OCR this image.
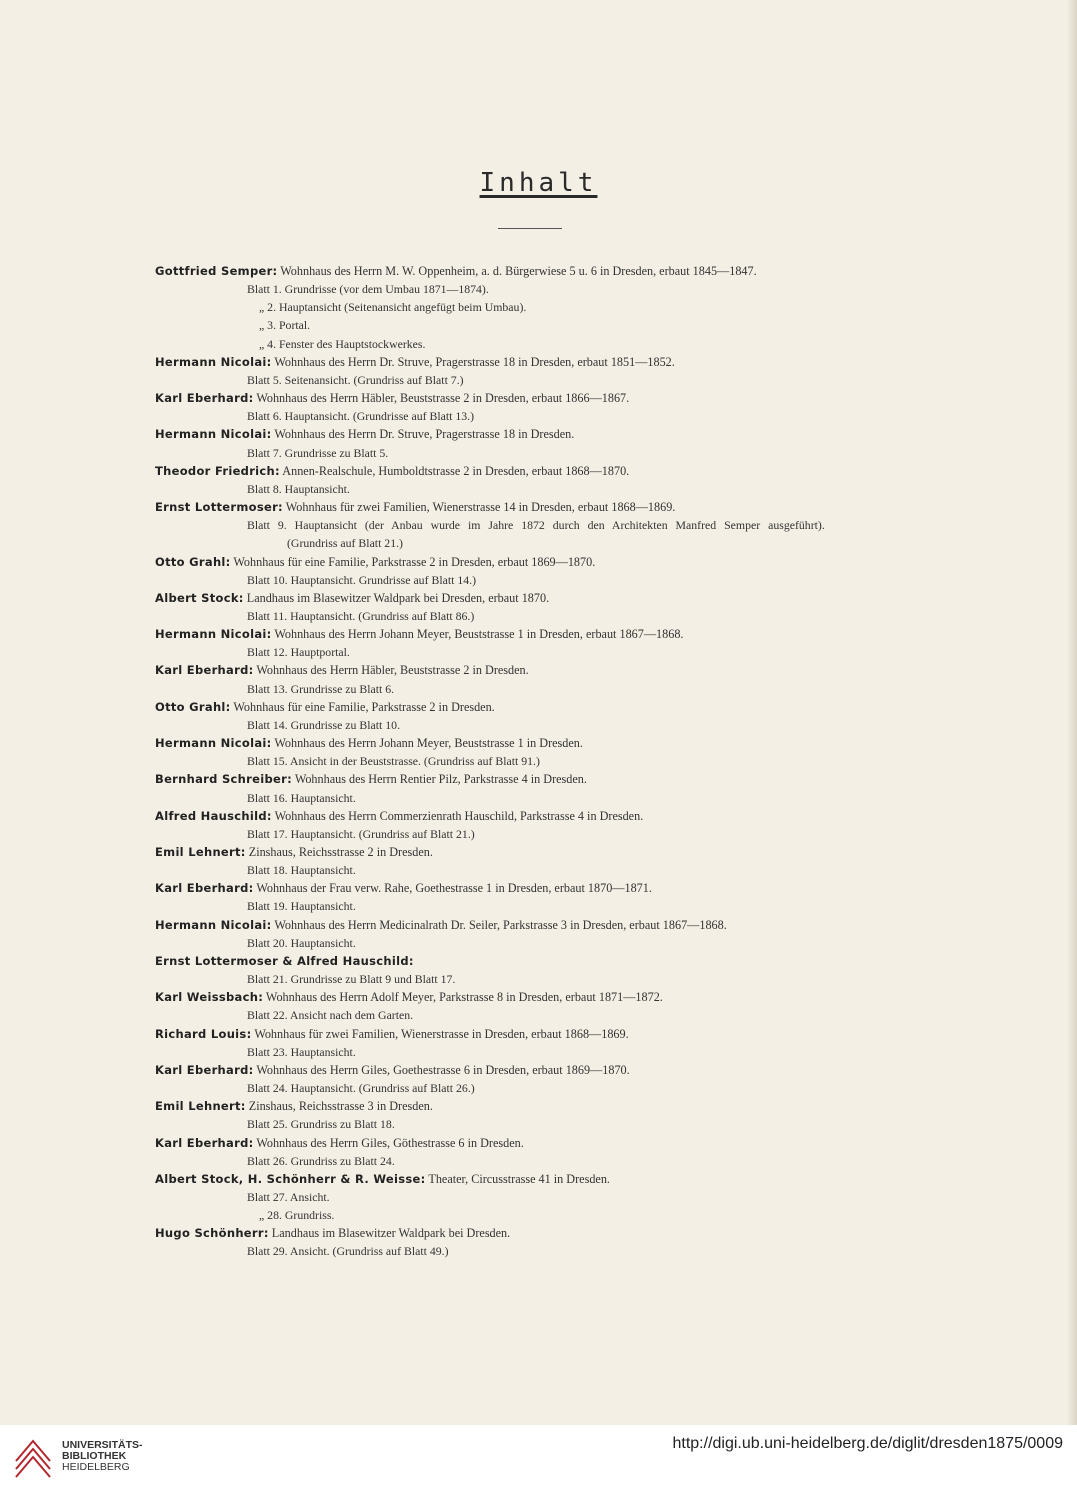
Inhalt
Gottfried Semper: Wohnhaus des Herrn M. W. Oppenheim, a. d. Bürgerwiese 5 u. 6 in Dresden, erbaut 1845—1847.
Blatt 1. Grundrisse (vor dem Umbau 1871—1874).
„ 2. Hauptansicht (Seitenansicht angefügt beim Umbau).
„ 3. Portal.
„ 4. Fenster des Hauptstockwerkes.
Hermann Nicolai: Wohnhaus des Herrn Dr. Struve, Pragerstrasse 18 in Dresden, erbaut 1851—1852.
Blatt 5. Seitenansicht. (Grundriss auf Blatt 7.)
Karl Eberhard: Wohnhaus des Herrn Häbler, Beuststrasse 2 in Dresden, erbaut 1866—1867.
Blatt 6. Hauptansicht. (Grundrisse auf Blatt 13.)
Hermann Nicolai: Wohnhaus des Herrn Dr. Struve, Pragerstrasse 18 in Dresden.
Blatt 7. Grundrisse zu Blatt 5.
Theodor Friedrich: Annen-Realschule, Humboldtstrasse 2 in Dresden, erbaut 1868—1870.
Blatt 8. Hauptansicht.
Ernst Lottermoser: Wohnhaus für zwei Familien, Wienerstrasse 14 in Dresden, erbaut 1868—1869.
Blatt 9. Hauptansicht (der Anbau wurde im Jahre 1872 durch den Architekten Manfred Semper ausgeführt).
(Grundriss auf Blatt 21.)
Otto Grahl: Wohnhaus für eine Familie, Parkstrasse 2 in Dresden, erbaut 1869—1870.
Blatt 10. Hauptansicht. Grundrisse auf Blatt 14.)
Albert Stock: Landhaus im Blasewitzer Waldpark bei Dresden, erbaut 1870.
Blatt 11. Hauptansicht. (Grundriss auf Blatt 86.)
Hermann Nicolai: Wohnhaus des Herrn Johann Meyer, Beuststrasse 1 in Dresden, erbaut 1867—1868.
Blatt 12. Hauptportal.
Karl Eberhard: Wohnhaus des Herrn Häbler, Beuststrasse 2 in Dresden.
Blatt 13. Grundrisse zu Blatt 6.
Otto Grahl: Wohnhaus für eine Familie, Parkstrasse 2 in Dresden.
Blatt 14. Grundrisse zu Blatt 10.
Hermann Nicolai: Wohnhaus des Herrn Johann Meyer, Beuststrasse 1 in Dresden.
Blatt 15. Ansicht in der Beuststrasse. (Grundriss auf Blatt 91.)
Bernhard Schreiber: Wohnhaus des Herrn Rentier Pilz, Parkstrasse 4 in Dresden.
Blatt 16. Hauptansicht.
Alfred Hauschild: Wohnhaus des Herrn Commerzienrath Hauschild, Parkstrasse 4 in Dresden.
Blatt 17. Hauptansicht. (Grundriss auf Blatt 21.)
Emil Lehnert: Zinshaus, Reichsstrasse 2 in Dresden.
Blatt 18. Hauptansicht.
Karl Eberhard: Wohnhaus der Frau verw. Rahe, Goethestrasse 1 in Dresden, erbaut 1870—1871.
Blatt 19. Hauptansicht.
Hermann Nicolai: Wohnhaus des Herrn Medicinalrath Dr. Seiler, Parkstrasse 3 in Dresden, erbaut 1867—1868.
Blatt 20. Hauptansicht.
Ernst Lottermoser & Alfred Hauschild:
Blatt 21. Grundrisse zu Blatt 9 und Blatt 17.
Karl Weissbach: Wohnhaus des Herrn Adolf Meyer, Parkstrasse 8 in Dresden, erbaut 1871—1872.
Blatt 22. Ansicht nach dem Garten.
Richard Louis: Wohnhaus für zwei Familien, Wienerstrasse in Dresden, erbaut 1868—1869.
Blatt 23. Hauptansicht.
Karl Eberhard: Wohnhaus des Herrn Giles, Goethestrasse 6 in Dresden, erbaut 1869—1870.
Blatt 24. Hauptansicht. (Grundriss auf Blatt 26.)
Emil Lehnert: Zinshaus, Reichsstrasse 3 in Dresden.
Blatt 25. Grundriss zu Blatt 18.
Karl Eberhard: Wohnhaus des Herrn Giles, Göthestrasse 6 in Dresden.
Blatt 26. Grundriss zu Blatt 24.
Albert Stock, H. Schönherr & R. Weisse: Theater, Circusstrasse 41 in Dresden.
Blatt 27. Ansicht.
„ 28. Grundriss.
Hugo Schönherr: Landhaus im Blasewitzer Waldpark bei Dresden.
Blatt 29. Ansicht. (Grundriss auf Blatt 49.)
UNIVERSITÄTS-
BIBLIOTHEK
HEIDELBERG
http://digi.ub.uni-heidelberg.de/diglit/dresden1875/0009
